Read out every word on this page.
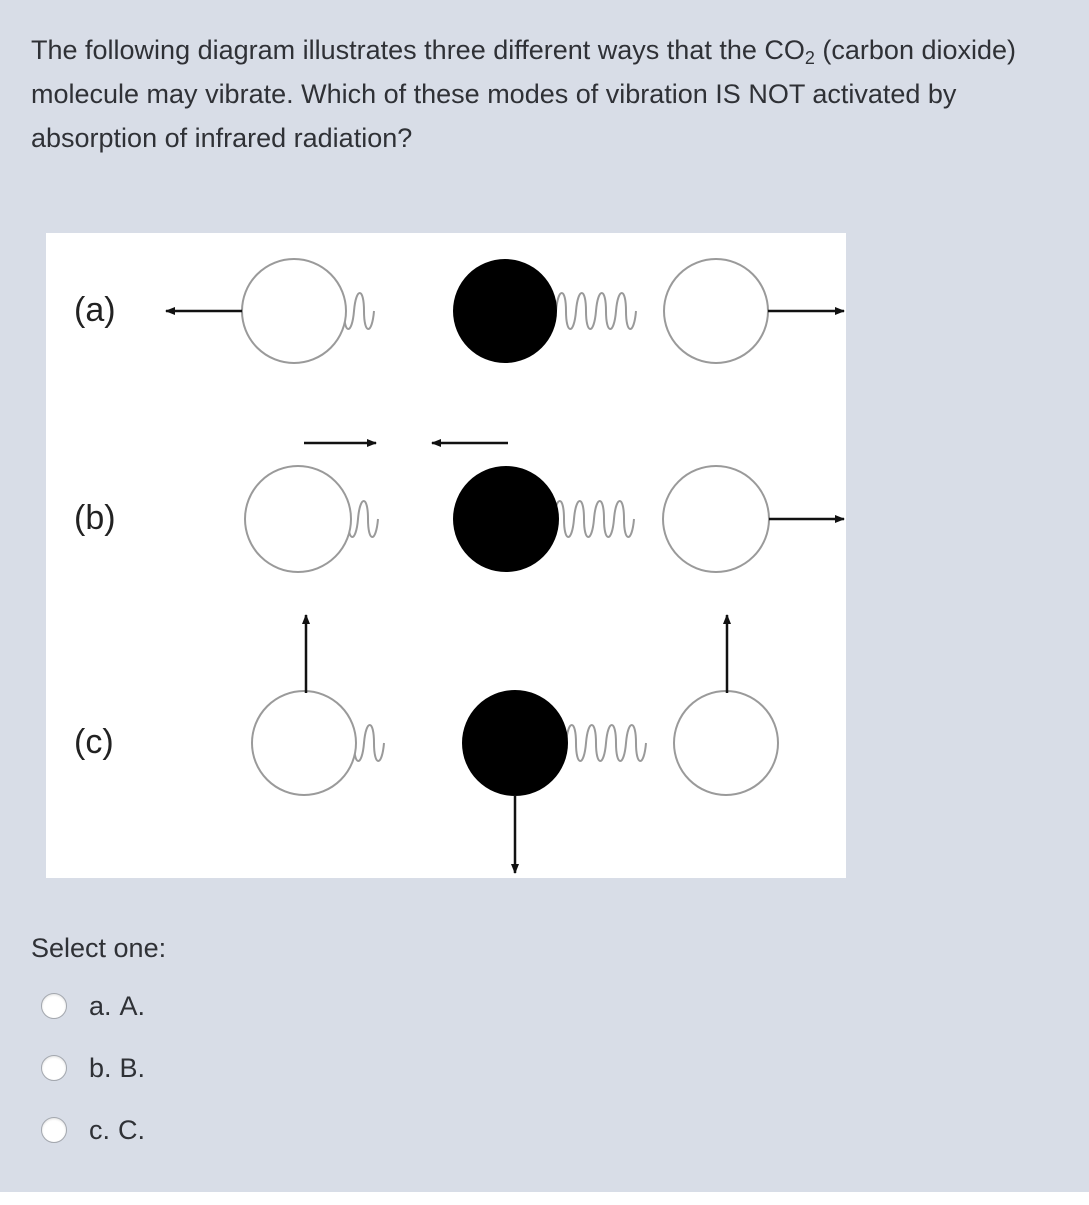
The following diagram illustrates three different ways that the $CO_2$ (carbon dioxide) molecule may vibrate. Which of these modes of vibration IS NOT activated by absorption of infrared radiation?
(a)
(b)
(c)
Select one:
a. A.
b. B.
c. C.
